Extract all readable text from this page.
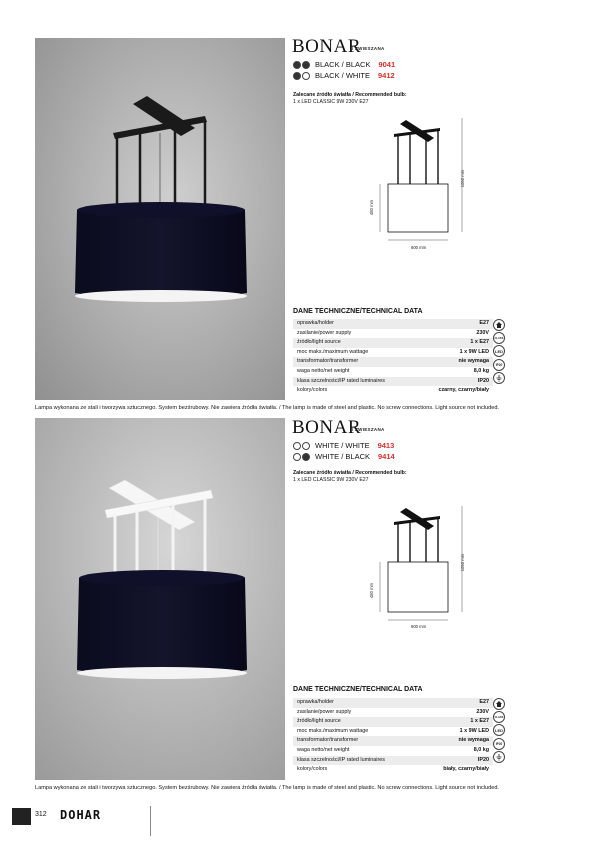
BONAR
/ ZWIESZANA
BLACK / BLACK 9041
BLACK / WHITE 9412
Zalecane źródło światła / Recommended bulb:
1 x LED CLASSIC 9W 230V E27
1060 mm
480 mm
600 mm
DANE TECHNICZNE/TECHNICAL DATA
oprawka/holder	E27
zasilanie/power supply	230V
źródło/light source	1 x E27
moc maks./maximum wattage	1 x 9W LED
transformator/transformer	nie wymaga
waga netto/net weight	8,0 kg
klasa szczelności/IP rated luminaires	IP20
kolory/colors	czarny, czarny/biały
CLASS
LED
IP20
Lampa wykonana ze stali i tworzywa sztucznego. System bezśrubowy. Nie zawiera źródła światła. / The lamp is made of steel and plastic. No screw connections. Light source not included.
BONAR
/ ZWIESZANA
WHITE / WHITE 9413
WHITE / BLACK 9414
Zalecane źródło światła / Recommended bulb:
1 x LED CLASSIC 9W 230V E27
1050 mm
480 mm
600 mm
DANE TECHNICZNE/TECHNICAL DATA
oprawka/holder	E27
zasilanie/power supply	230V
źródło/light source	1 x E27
moc maks./maximum wattage	1 x 9W LED
transformator/transformer	nie wymaga
waga netto/net weight	8,0 kg
klasa szczelności/IP rated luminaires	IP20
kolory/colors	biały, czarny/biały
CLASS
LED
IP20
Lampa wykonana ze stali i tworzywa sztucznego. System bezśrubowy. Nie zawiera źródła światła. / The lamp is made of steel and plastic. No screw connections. Light source not included.
312 DOHAR
